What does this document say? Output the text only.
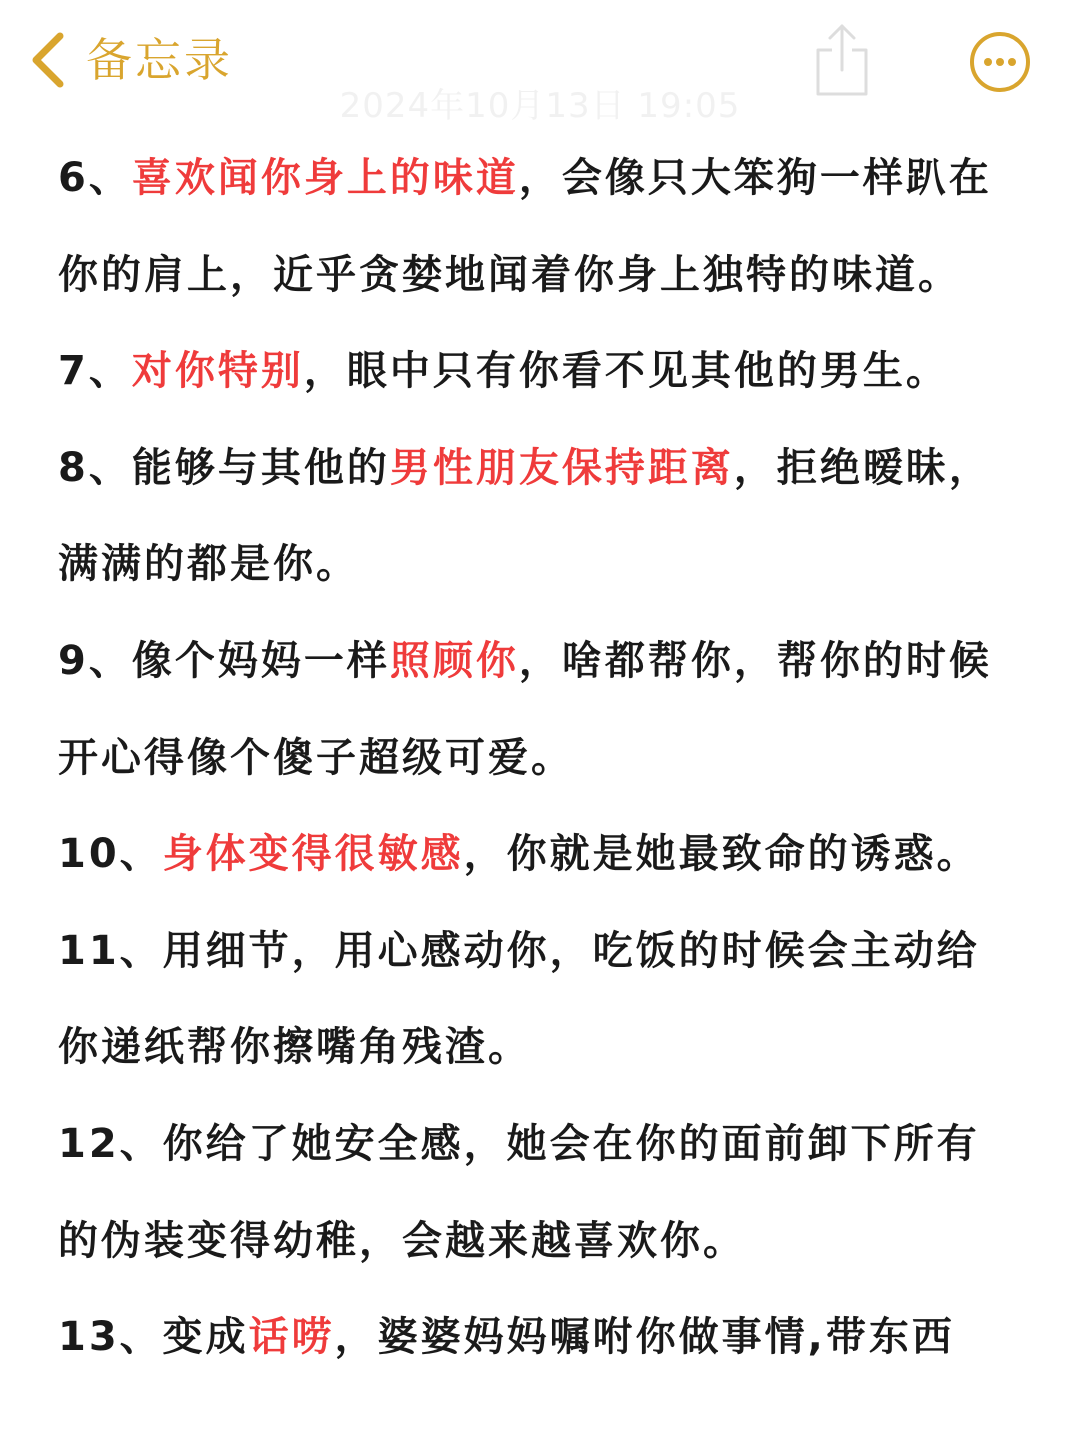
备忘录
2024年10月13日 19:05
6、喜欢闻你身上的味道，会像只大笨狗一样趴在
你的肩上，近乎贪婪地闻着你身上独特的味道。
7、对你特别，眼中只有你看不见其他的男生。
8、能够与其他的男性朋友保持距离，拒绝暧昧，
满满的都是你。
9、像个妈妈一样照顾你，啥都帮你，帮你的时候
开心得像个傻子超级可爱。
10、身体变得很敏感，你就是她最致命的诱惑。
11、用细节，用心感动你，吃饭的时候会主动给
你递纸帮你擦嘴角残渣。
12、你给了她安全感，她会在你的面前卸下所有
的伪装变得幼稚，会越来越喜欢你。
13、变成话唠，婆婆妈妈嘱咐你做事情,带东西
